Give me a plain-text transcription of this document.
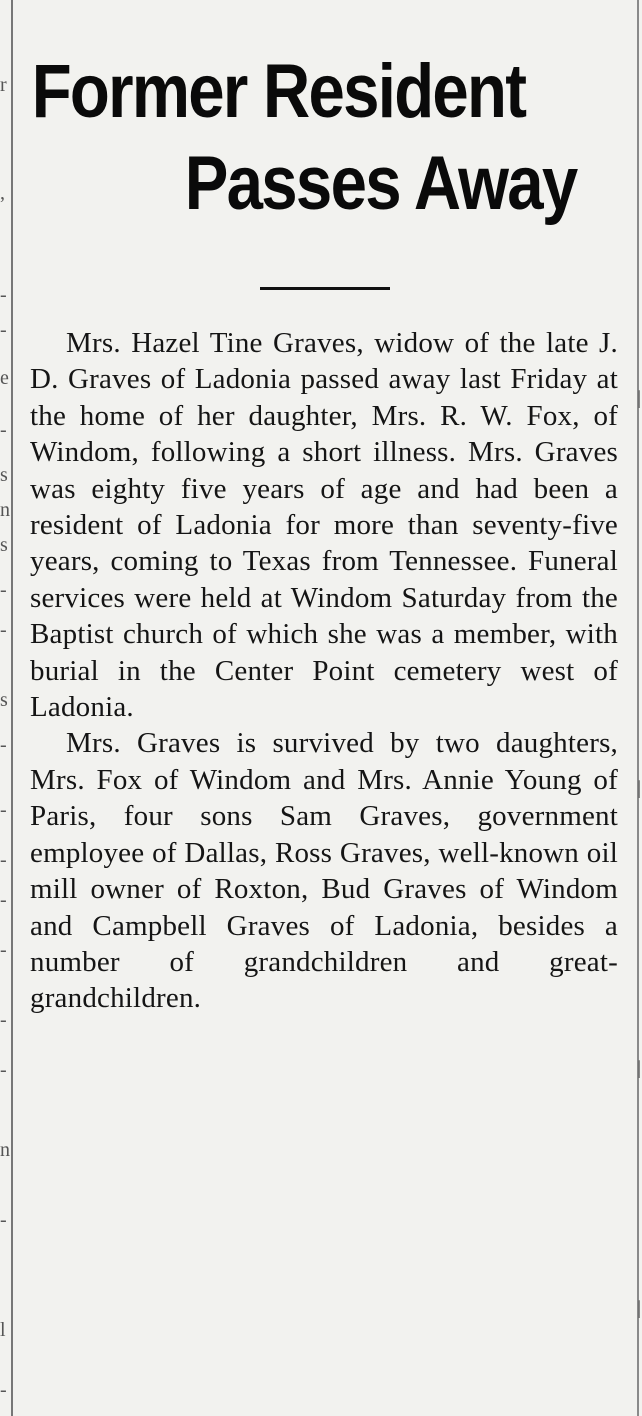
r
,
-
-
e
-
s
n
s
-
-
s
-
-
-
-
-
-
-
n
-
l
-
|
|
|
|
Former Resident
Passes Away

Mrs. Hazel Tine Graves, widow of the late J. D. Graves of Ladonia passed away last Friday at the home of her daughter, Mrs. R. W. Fox, of Windom, following a short illness. Mrs. Graves was eighty five years of age and had been a resident of Ladonia for more than seventy-five years, coming to Texas from Tennessee. Funeral services were held at Windom Saturday from the Baptist church of which she was a member, with burial in the Center Point cemetery west of Ladonia.

Mrs. Graves is survived by two daughters, Mrs. Fox of Windom and Mrs. Annie Young of Paris, four sons Sam Graves, government employee of Dallas, Ross Graves, well-known oil mill owner of Roxton, Bud Graves of Windom and Campbell Graves of Ladonia, besides a number of grandchildren and great-grandchildren.
